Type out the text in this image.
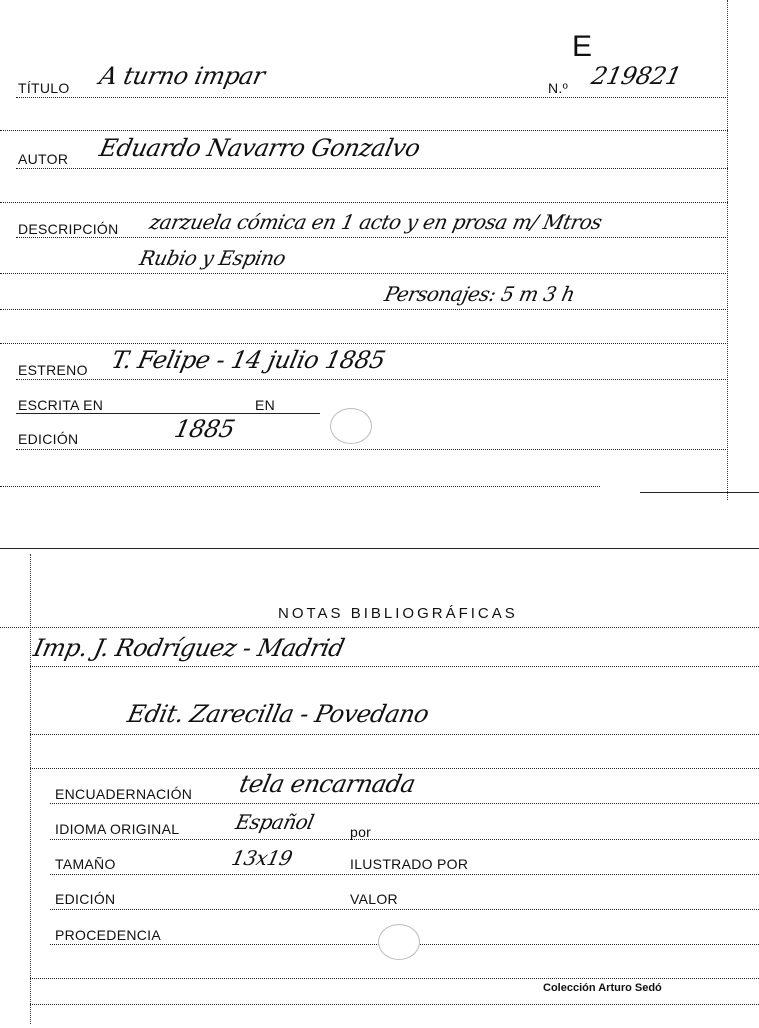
E
TÍTULO A turno impar	N.º 219821
AUTOR Eduardo Navarro Gonzalvo
DESCRIPCIÓN zarzuela cómica en 1 acto y en prosa m/ Mtros
Rubio y Espino
Personajes: 5 m 3 h
ESTRENO T. Felipe - 14 julio 1885
ESCRITA EN	EN
EDICIÓN	1885
NOTAS BIBLIOGRÁFICAS
Imp. J. Rodríguez - Madrid
Edit. Zarecilla - Povedano
ENCUADERNACIÓN tela encarnada
IDIOMA ORIGINAL	Español por
TAMAÑO	13x19	ILUSTRADO POR
EDICIÓN	VALOR
PROCEDENCIA
Colección Arturo Sedó
